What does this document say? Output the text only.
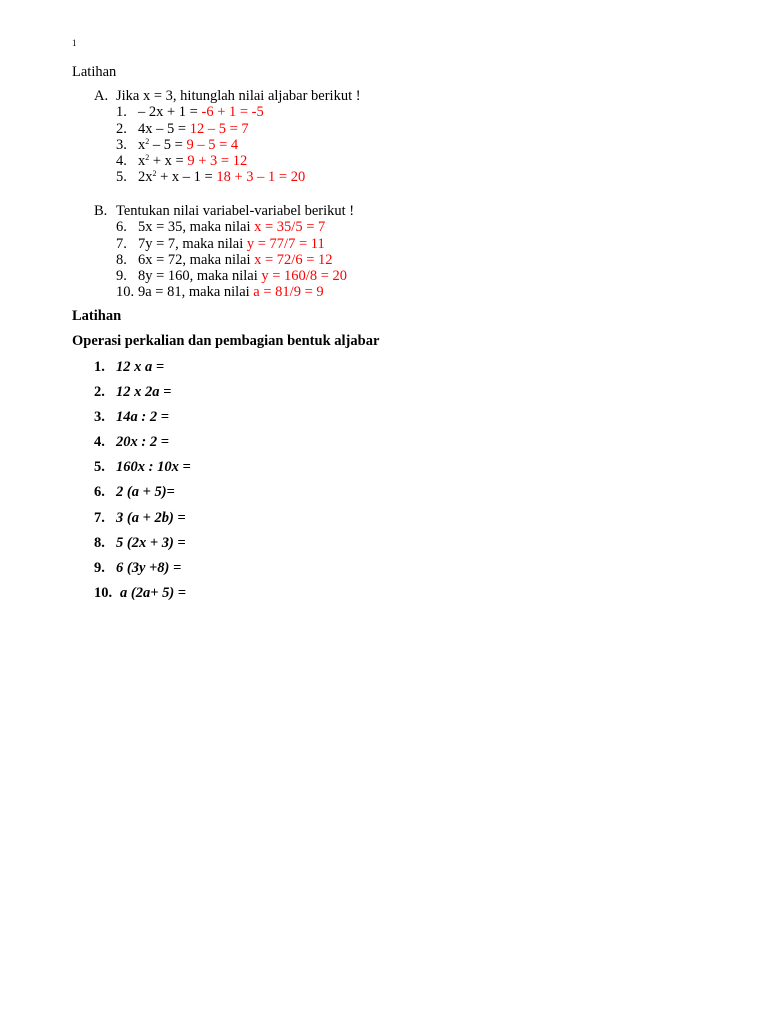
1
Latihan
A. Jika x = 3, hitunglah nilai aljabar berikut !
1. – 2x + 1 = -6 + 1 = -5
2. 4x – 5 = 12 – 5 = 7
3. $x^2 - 5 = 9 - 5 = 4$
4. $x^2 + x = 9 + 3 = 12$
5. $2x^2 + x - 1 = 18 + 3 - 1 = 20$
B. Tentukan nilai variabel-variabel berikut !
6. 5x = 35, maka nilai x = 35/5 = 7
7. 7y = 7, maka nilai y = 77/7 = 11
8. 6x = 72, maka nilai x = 72/6 = 12
9. 8y = 160, maka nilai y = 160/8 = 20
10. 9a = 81, maka nilai a = 81/9 = 9
Latihan
Operasi perkalian dan pembagian bentuk aljabar
1. 12 x a =
2. 12 x 2a =
3. 14a : 2 =
4. 20x : 2 =
5. 160x : 10x =
6. 2 (a + 5)=
7. 3 (a + 2b) =
8. 5 (2x + 3) =
9. 6 (3y +8) =
10. a (2a+ 5) =
